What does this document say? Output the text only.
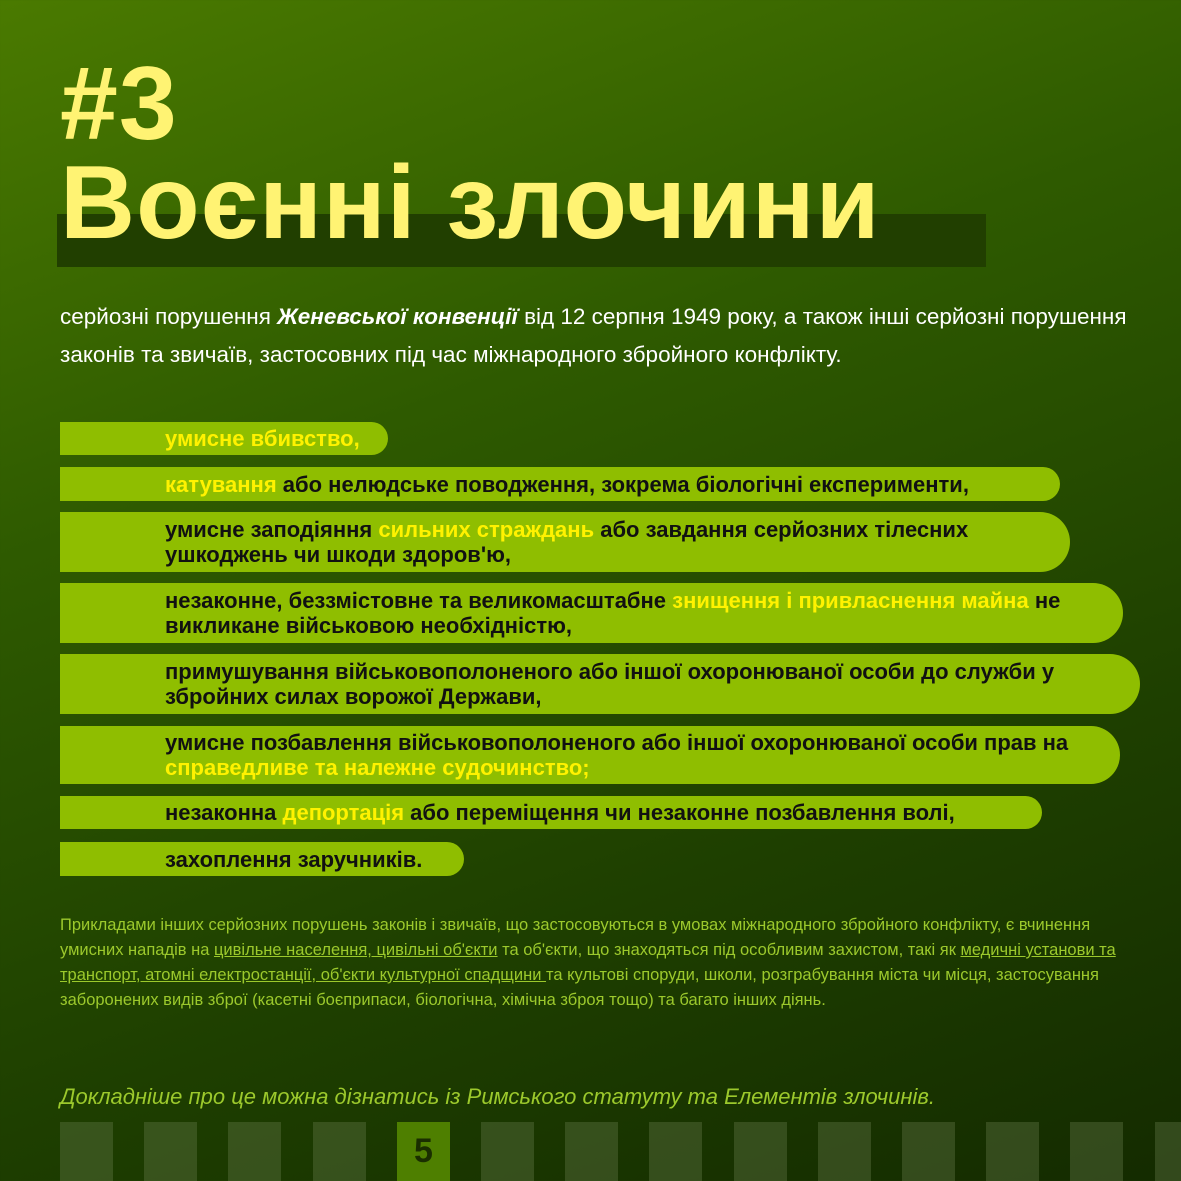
#3
Воєнні злочини

серйозні порушення Женевської конвенції від 12 серпня 1949 року, а також інші серйозні порушення законів та звичаїв, застосовних під час міжнародного збройного конфлікту.

умисне вбивство,
катування або нелюдське поводження, зокрема біологічні експерименти,
умисне заподіяння сильних страждань або завдання серйозних тілесних ушкоджень чи шкоди здоров'ю,
незаконне, беззмістовне та великомасштабне знищення і привласнення майна не викликане військовою необхідністю,
примушування військовополоненого або іншої охоронюваної особи до служби у збройних силах ворожої Держави,
умисне позбавлення військовополоненого або іншої охоронюваної особи прав на справедливе та належне судочинство;
незаконна депортація або переміщення чи незаконне позбавлення волі,
захоплення заручників.

Прикладами інших серйозних порушень законів і звичаїв, що застосовуються в умовах міжнародного збройного конфлікту, є вчинення умисних нападів на цивільне населення, цивільні об'єкти та об'єкти, що знаходяться під особливим захистом, такі як медичні установи та транспорт, атомні електростанції, об'єкти культурної спадщини та культові споруди, школи, розграбування міста чи місця, застосування заборонених видів зброї (касетні боєприпаси, біологічна, хімічна зброя тощо) та багато інших діянь.

Докладніше про це можна дізнатись із Римського статуту та Елементів злочинів.
5
